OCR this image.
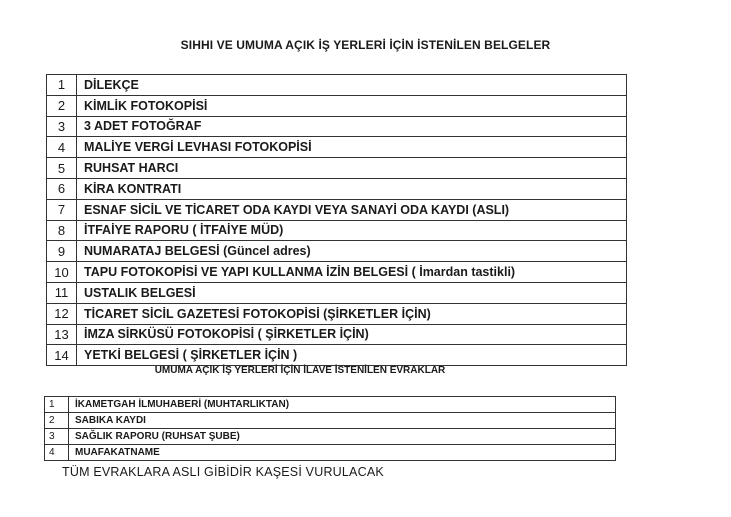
SIHHI VE UMUMA AÇIK İŞ YERLERİ İÇİN İSTENİLEN BELGELER
1	DİLEKÇE
2	KİMLİK FOTOKOPİSİ
3	3 ADET FOTOĞRAF
4	MALİYE VERGİ LEVHASI FOTOKOPİSİ
5	RUHSAT HARCI
6	KİRA KONTRATI
7	ESNAF SİCİL VE TİCARET ODA KAYDI VEYA SANAYİ ODA KAYDI (ASLI)
8	İTFAİYE RAPORU ( İTFAİYE MÜD)
9	NUMARATAJ BELGESİ (Güncel adres)
10	TAPU FOTOKOPİSİ VE YAPI KULLANMA İZİN BELGESİ ( İmardan tastikli)
11	USTALIK BELGESİ
12	TİCARET SİCİL GAZETESİ FOTOKOPİSİ (ŞİRKETLER İÇİN)
13	İMZA SİRKÜSÜ FOTOKOPİSİ ( ŞİRKETLER İÇİN)
14	YETKİ BELGESİ ( ŞİRKETLER İÇİN )
UMUMA AÇIK İŞ YERLERİ İÇİN İLAVE İSTENİLEN EVRAKLAR
1	İKAMETGAH İLMUHABERİ (MUHTARLIKTAN)
2	SABIKA KAYDI
3	SAĞLIK RAPORU (RUHSAT ŞUBE)
4	MUAFAKATNAME
TÜM EVRAKLARA ASLI GİBİDİR KAŞESİ VURULACAK
